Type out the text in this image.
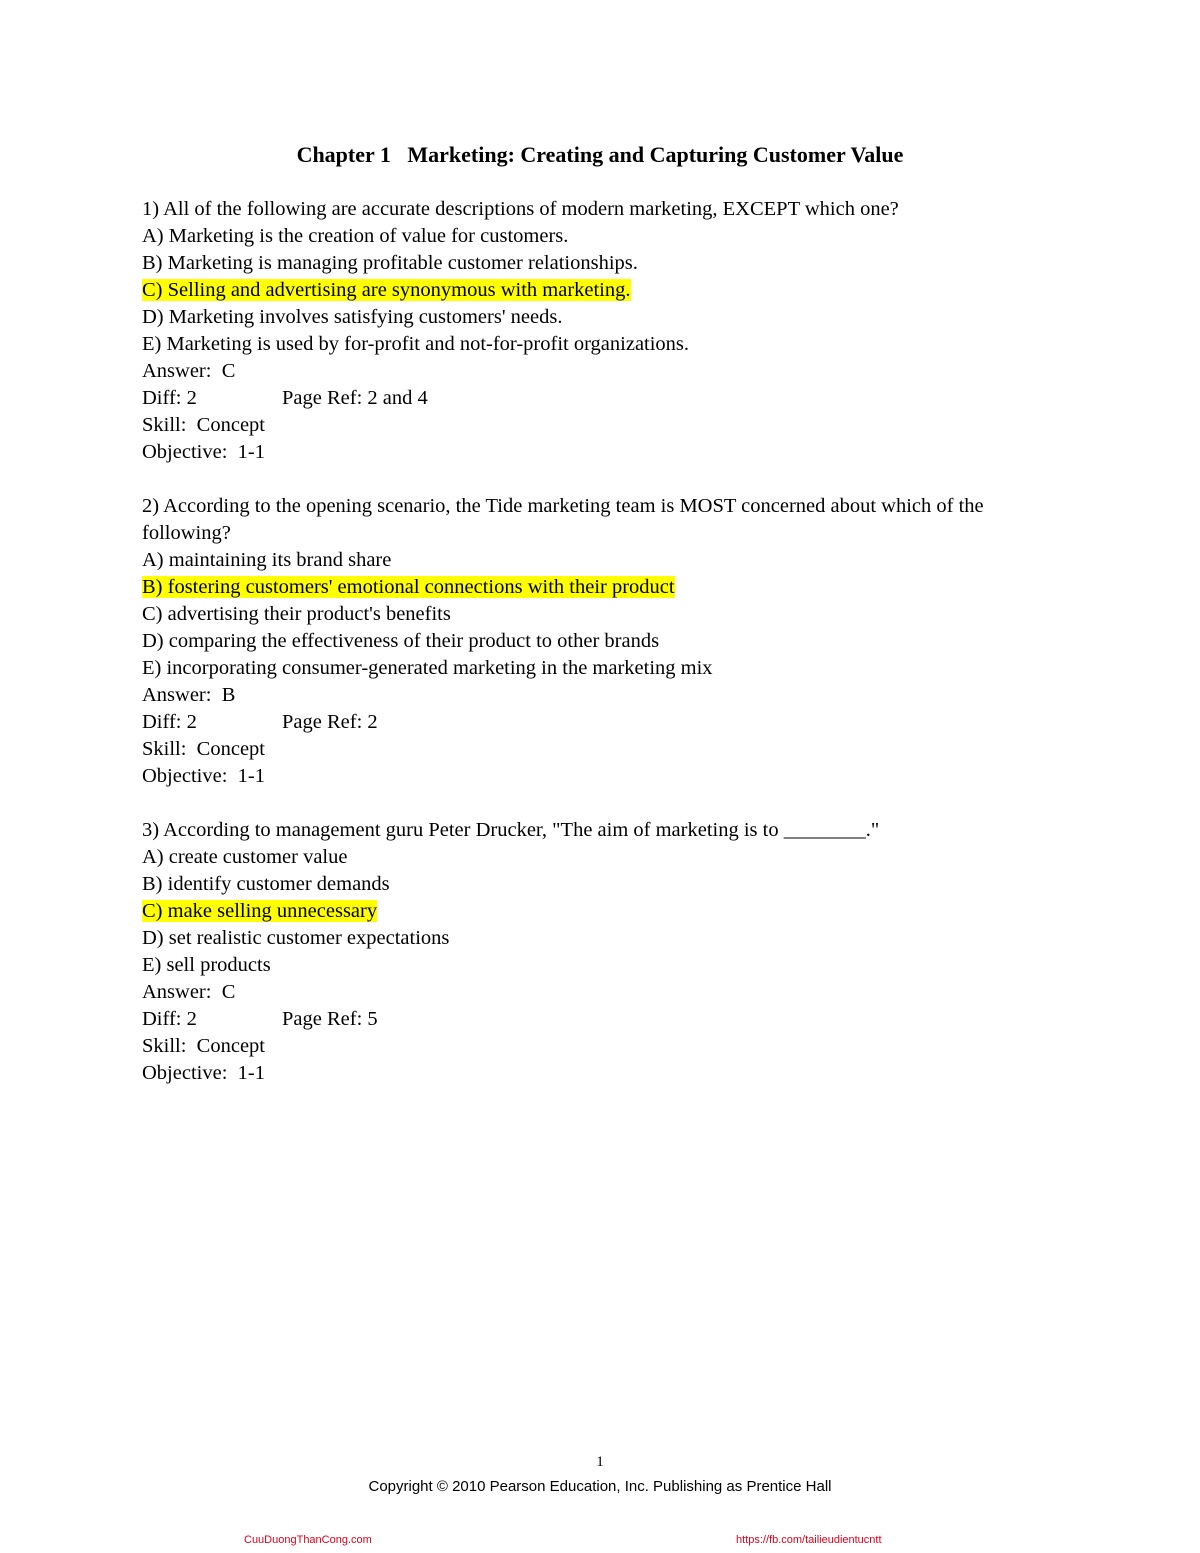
Chapter 1   Marketing: Creating and Capturing Customer Value
1) All of the following are accurate descriptions of modern marketing, EXCEPT which one?
A) Marketing is the creation of value for customers.
B) Marketing is managing profitable customer relationships.
C) Selling and advertising are synonymous with marketing.
D) Marketing involves satisfying customers' needs.
E) Marketing is used by for-profit and not-for-profit organizations.
Answer:  C
Diff: 2	Page Ref: 2 and 4
Skill:  Concept
Objective:  1-1
2) According to the opening scenario, the Tide marketing team is MOST concerned about which of the following?
A) maintaining its brand share
B) fostering customers' emotional connections with their product
C) advertising their product's benefits
D) comparing the effectiveness of their product to other brands
E) incorporating consumer-generated marketing in the marketing mix
Answer:  B
Diff: 2	Page Ref: 2
Skill:  Concept
Objective:  1-1
3) According to management guru Peter Drucker, "The aim of marketing is to ________."
A) create customer value
B) identify customer demands
C) make selling unnecessary
D) set realistic customer expectations
E) sell products
Answer:  C
Diff: 2	Page Ref: 5
Skill:  Concept
Objective:  1-1
1
Copyright © 2010 Pearson Education, Inc. Publishing as Prentice Hall
CuuDuongThanCong.com	https://fb.com/tailieudientucntt
